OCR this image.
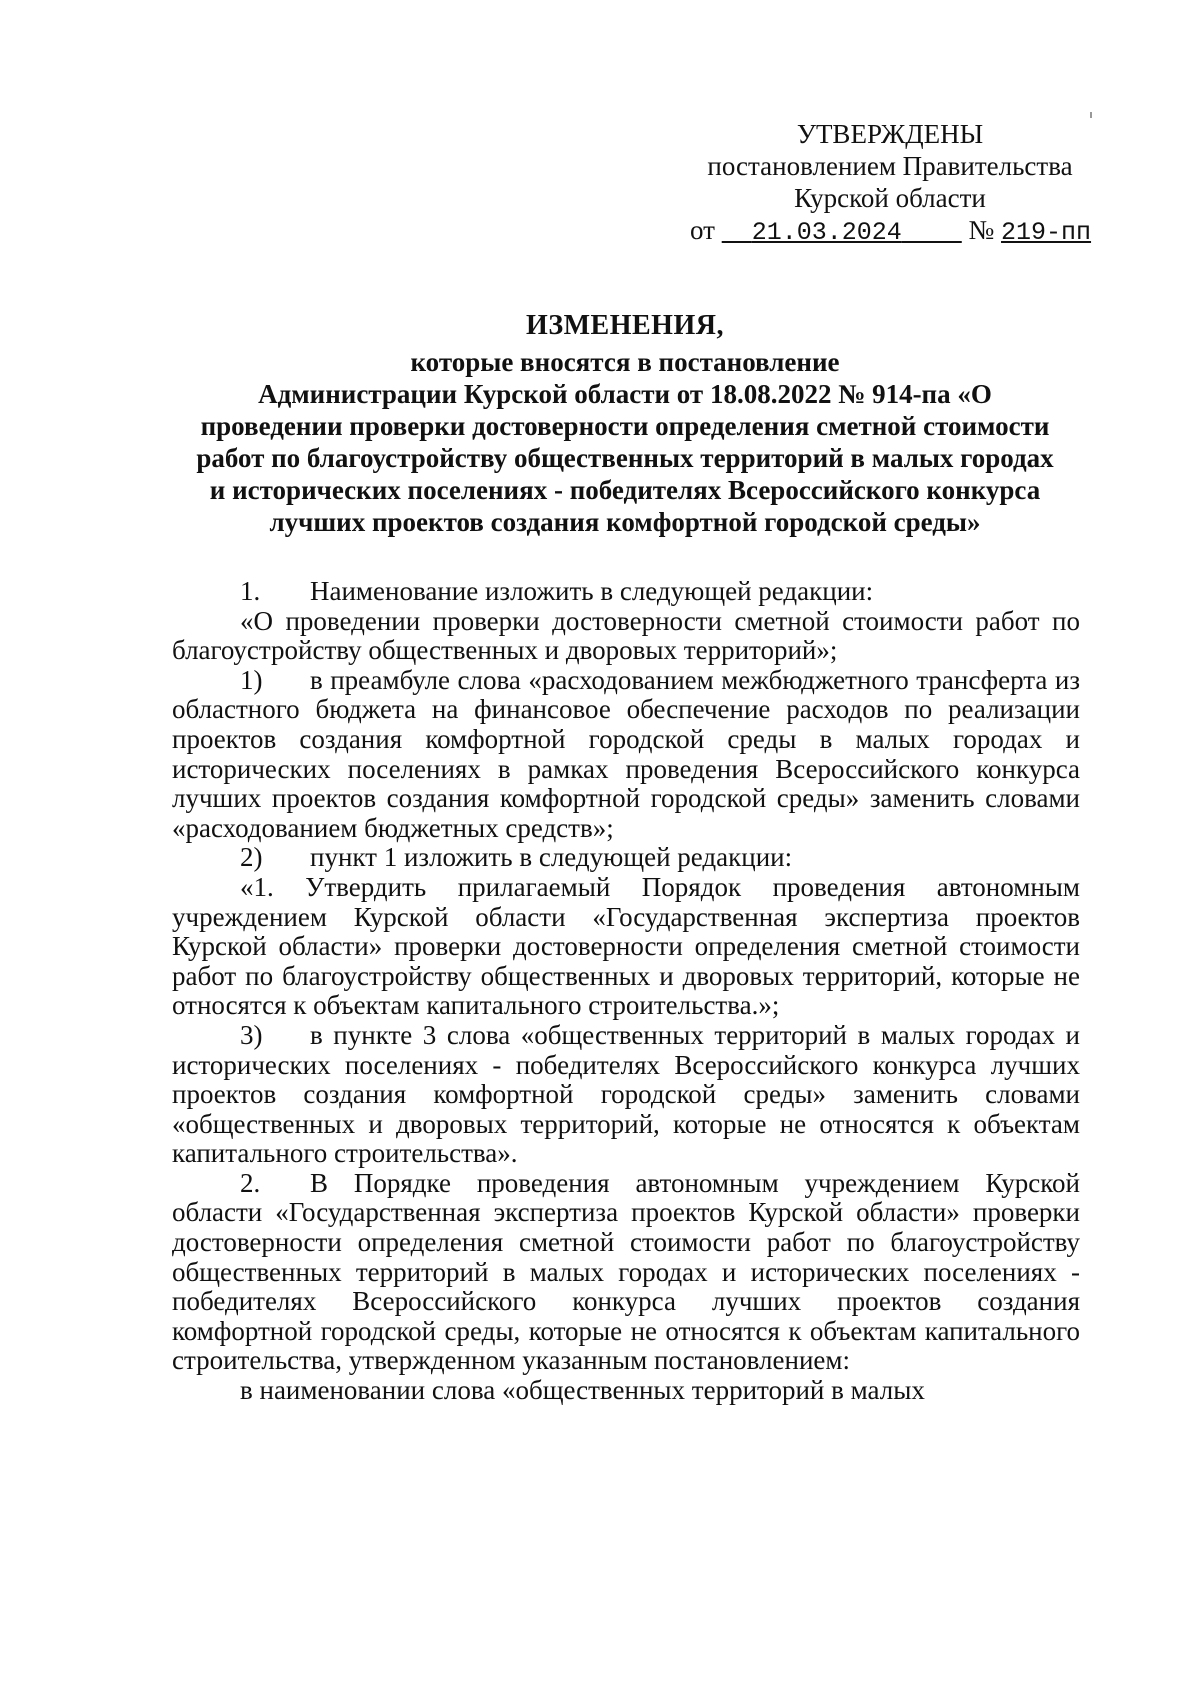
УТВЕРЖДЕНЫ
постановлением Правительства
Курской области
от 21.03.2024 № 219-пп
ИЗМЕНЕНИЯ,
которые вносятся в постановление
Администрации Курской области от 18.08.2022 № 914-па «О
проведении проверки достоверности определения сметной стоимости
работ по благоустройству общественных территорий в малых городах
и исторических поселениях - победителях Всероссийского конкурса
лучших проектов создания комфортной городской среды»

1. Наименование изложить в следующей редакции:

«О проведении проверки достоверности сметной стоимости работ по благоустройству общественных и дворовых территорий»;

1) в преамбуле слова «расходованием межбюджетного трансферта из областного бюджета на финансовое обеспечение расходов по реализации проектов создания комфортной городской среды в малых городах и исторических поселениях в рамках проведения Всероссийского конкурса лучших проектов создания комфортной городской среды» заменить словами «расходованием бюджетных средств»;

2) пункт 1 изложить в следующей редакции:

«1. Утвердить прилагаемый Порядок проведения автономным учреждением Курской области «Государственная экспертиза проектов Курской области» проверки достоверности определения сметной стоимости работ по благоустройству общественных и дворовых территорий, которые не относятся к объектам капитального строительства.»;

3) в пункте 3 слова «общественных территорий в малых городах и исторических поселениях - победителях Всероссийского конкурса лучших проектов создания комфортной городской среды» заменить словами «общественных и дворовых территорий, которые не относятся к объектам капитального строительства».

2. В Порядке проведения автономным учреждением Курской области «Государственная экспертиза проектов Курской области» проверки достоверности определения сметной стоимости работ по благоустройству общественных территорий в малых городах и исторических поселениях - победителях Всероссийского конкурса лучших проектов создания комфортной городской среды, которые не относятся к объектам капитального строительства, утвержденном указанным постановлением:

в наименовании слова «общественных территорий в малых
